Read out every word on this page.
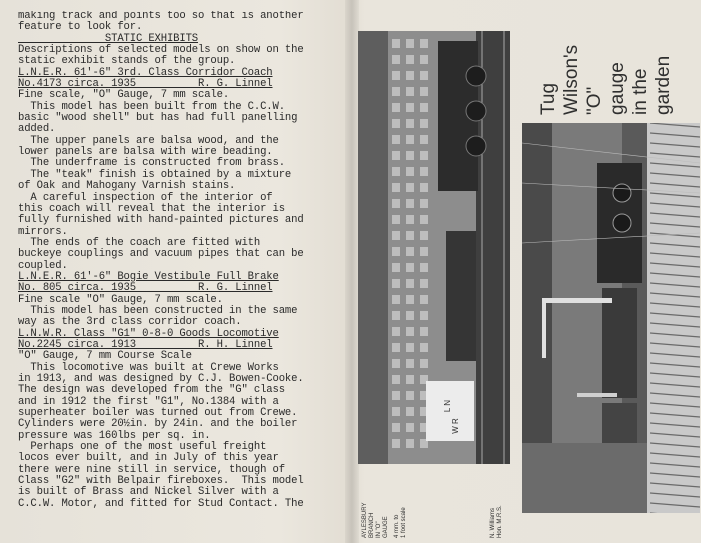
making track and points too so that is another
feature to look for.
STATIC EXHIBITS
Descriptions of selected models on show on the
static exhibit stands of the group.
L.N.E.R. 61'-6" 3rd. Class Corridor Coach
No.4173 circa. 1935          R. G. Linnel
Fine scale, "O" Gauge, 7 mm scale.
This model has been built from the C.C.W.
basic "wood shell" but has had full panelling
added.
The upper panels are balsa wood, and the
lower panels are balsa with wire beading.
The underframe is constructed from brass.
The "teak" finish is obtained by a mixture
of Oak and Mahogany Varnish stains.
A careful inspection of the interior of
this coach will reveal that the interior is
fully furnished with hand-painted pictures and
mirrors.
The ends of the coach are fitted with
buckeye couplings and vacuum pipes that can be
coupled.
L.N.E.R. 61'-6" Bogie Vestibule Full Brake
No. 805 circa. 1935          R. G. Linnel
Fine scale "O" Gauge, 7 mm scale.
This model has been constructed in the same
way as the 3rd class corridor coach.
L.N.W.R. Class "G1" 0-8-0 Goods Locomotive
No.2245 circa. 1913          R. H. Linnel
"O" Gauge, 7 mm Course Scale
This locomotive was built at Crewe Works
in 1913, and was designed by C.J. Bowen-Cooke.
The design was developed from the "G" class
and in 1912 the first "G1", No.1384 with a
superheater boiler was turned out from Crewe.
Cylinders were 20½in. by 24in. and the boiler
pressure was 160lbs per sq. in.
Perhaps one of the most useful freight
locos ever built, and in July of this year
there were nine still in service, though of
Class "G2" with Belpair fireboxes.  This model
is built of Brass and Nickel Silver with a
C.C.W. Motor, and fitted for Stud Contact. The
L N
W R
AYLESBURY BRANCH IN "O" GAUGE 4 mm. to 1 foot scale	N. Williams Hon. M.R.S.
Tug Wilson's "O" gauge in the garden
